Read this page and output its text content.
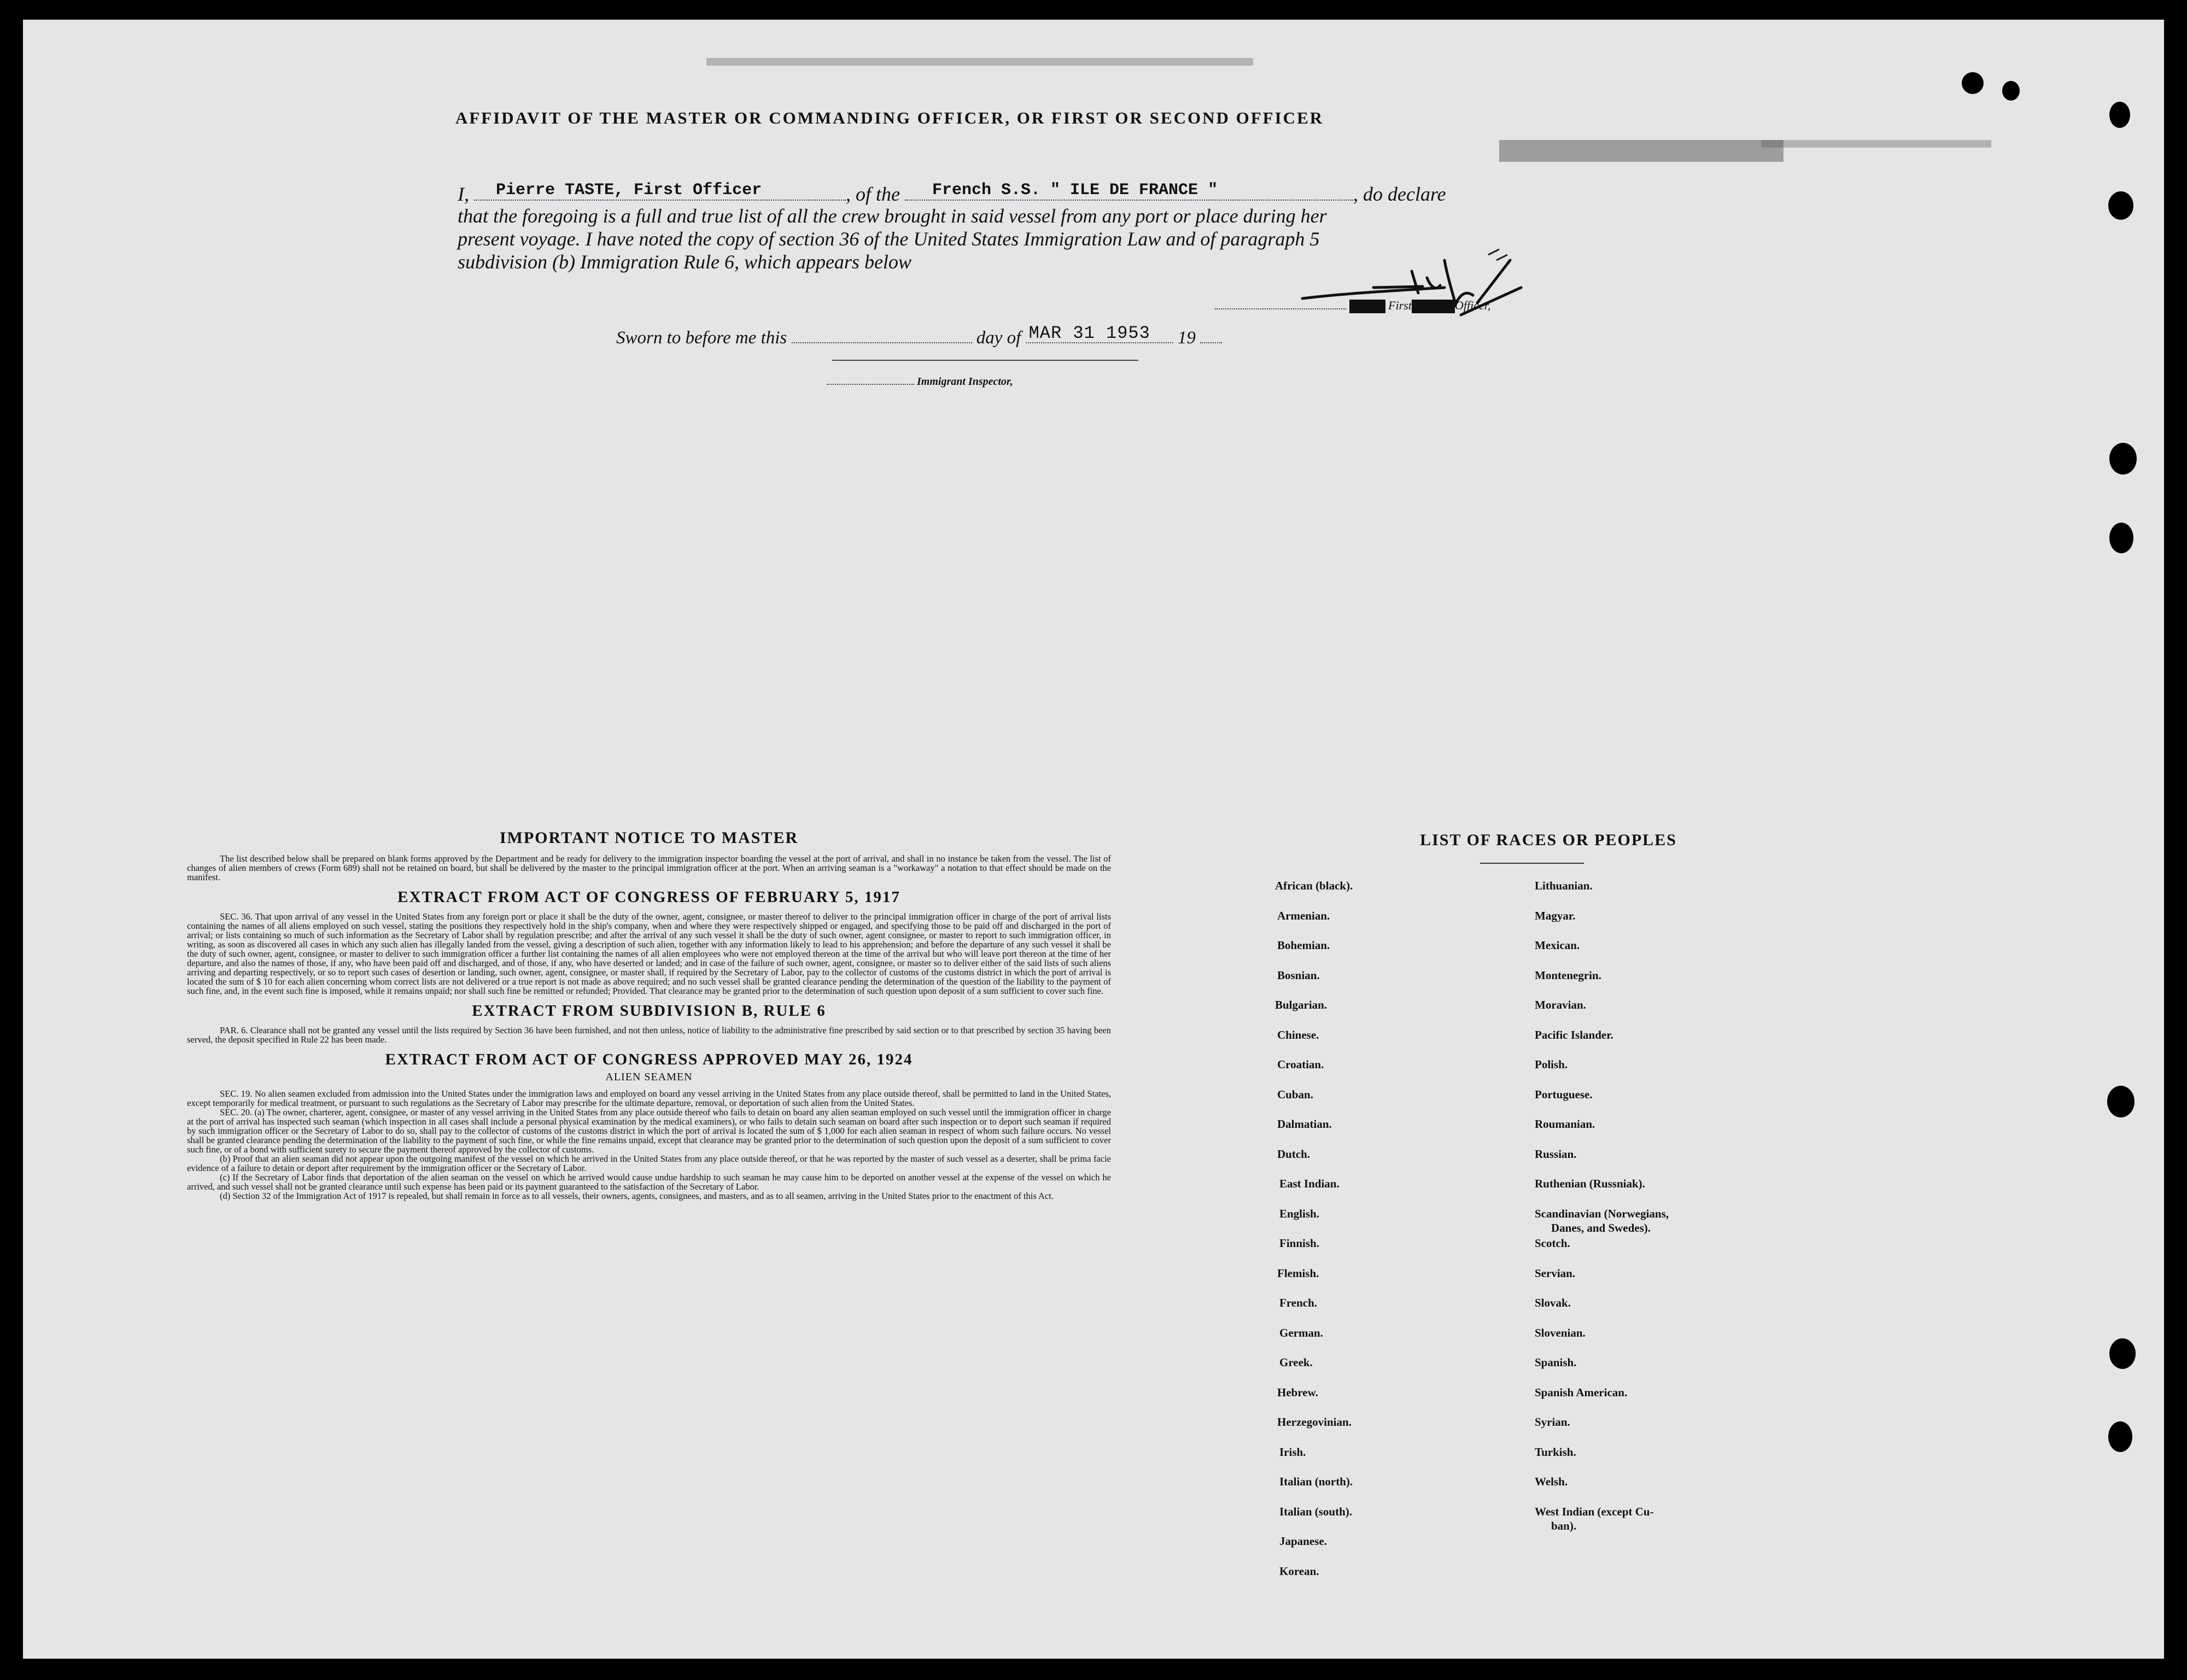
AFFIDAVIT OF THE MASTER OR COMMANDING OFFICER, OR FIRST OR SECOND OFFICER
I, Pierre TASTE, First Officer	, of the French S.S. " ILE DE FRANCE "	, do declare
that the foregoing is a full and true list of all the crew brought in said vessel from any port or place during her
present voyage. I have noted the copy of section 36 of the United States Immigration Law and of paragraph 5
subdivision (b) Immigration Rule 6, which appears below
MASTR FirstSECONDOfficer,
Sworn to before me this	day of MAR 31 1953 19
Immigrant Inspector,
IMPORTANT NOTICE TO MASTER

The list described below shall be prepared on blank forms approved by the Department and be ready for delivery to the immigration inspector boarding the vessel at the port of arrival, and shall in no instance be taken from the vessel. The list of changes of alien members of crews (Form 689) shall not be retained on board, but shall be delivered by the master to the principal immigration officer at the port. When an arriving seaman is a "workaway" a notation to that effect should be made on the manifest.

EXTRACT FROM ACT OF CONGRESS OF FEBRUARY 5, 1917

SEC. 36. That upon arrival of any vessel in the United States from any foreign port or place it shall be the duty of the owner, agent, consignee, or master thereof to deliver to the principal immigration officer in charge of the port of arrival lists containing the names of all aliens employed on such vessel, stating the positions they respectively hold in the ship's company, when and where they were respectively shipped or engaged, and specifying those to be paid off and discharged in the port of arrival; or lists containing so much of such information as the Secretary of Labor shall by regulation prescribe; and after the arrival of any such vessel it shall be the duty of such owner, agent consignee, or master to report to such immigration officer, in writing, as soon as discovered all cases in which any such alien has illegally landed from the vessel, giving a description of such alien, together with any information likely to lead to his apprehension; and before the departure of any such vessel it shall be the duty of such owner, agent, consignee, or master to deliver to such immigration officer a further list containing the names of all alien employees who were not employed thereon at the time of the arrival but who will leave port thereon at the time of her departure, and also the names of those, if any, who have been paid off and discharged, and of those, if any, who have deserted or landed; and in case of the failure of such owner, agent, consignee, or master so to deliver either of the said lists of such aliens arriving and departing respectively, or so to report such cases of desertion or landing, such owner, agent, consignee, or master shall, if required by the Secretary of Labor, pay to the collector of customs of the customs district in which the port of arrival is located the sum of $ 10 for each alien concerning whom correct lists are not delivered or a true report is not made as above required; and no such vessel shall be granted clearance pending the determination of the question of the liability to the payment of such fine, and, in the event such fine is imposed, while it remains unpaid; nor shall such fine be remitted or refunded; Provided. That clearance may be granted prior to the determination of such question upon deposit of a sum sufficient to cover such fine.

EXTRACT FROM SUBDIVISION B, RULE 6

PAR. 6. Clearance shall not be granted any vessel until the lists required by Section 36 have been furnished, and not then unless, notice of liability to the administrative fine prescribed by said section or to that prescribed by section 35 having been served, the deposit specified in Rule 22 has been made.

EXTRACT FROM ACT OF CONGRESS APPROVED MAY 26, 1924
ALIEN SEAMEN

SEC. 19. No alien seamen excluded from admission into the United States under the immigration laws and employed on board any vessel arriving in the United States from any place outside thereof, shall be permitted to land in the United States, except temporarily for medical treatment, or pursuant to such regulations as the Secretary of Labor may prescribe for the ultimate departure, removal, or deportation of such alien from the United States.

SEC. 20. (a) The owner, charterer, agent, consignee, or master of any vessel arriving in the United States from any place outside thereof who fails to detain on board any alien seaman employed on such vessel until the immigration officer in charge at the port of arrival has inspected such seaman (which inspection in all cases shall include a personal physical examination by the medical examiners), or who fails to detain such seaman on board after such inspection or to deport such seaman if required by such immigration officer or the Secretary of Labor to do so, shall pay to the collector of customs of the customs district in which the port of arrival is located the sum of $ 1,000 for each alien seaman in respect of whom such failure occurs. No vessel shall be granted clearance pending the determination of the liability to the payment of such fine, or while the fine remains unpaid, except that clearance may be granted prior to the determination of such question upon the deposit of a sum sufficient to cover such fine, or of a bond with sufficient surety to secure the payment thereof approved by the collector of customs.

(b) Proof that an alien seaman did not appear upon the outgoing manifest of the vessel on which he arrived in the United States from any place outside thereof, or that he was reported by the master of such vessel as a deserter, shall be prima facie evidence of a failure to detain or deport after requirement by the immigration officer or the Secretary of Labor.

(c) If the Secretary of Labor finds that deportation of the alien seaman on the vessel on which he arrived would cause undue hardship to such seaman he may cause him to be deported on another vessel at the expense of the vessel on which he arrived, and such vessel shall not be granted clearance until such expense has been paid or its payment guaranteed to the satisfaction of the Secretary of Labor.

(d) Section 32 of the Immigration Act of 1917 is repealed, but shall remain in force as to all vessels, their owners, agents, consignees, and masters, and as to all seamen, arriving in the United States prior to the enactment of this Act.

LIST OF RACES OR PEOPLES
African (black).
Armenian.
Bohemian.
Bosnian.
Bulgarian.
Chinese.
Croatian.
Cuban.
Dalmatian.
Dutch.
East Indian.
English.
Finnish.
Flemish.
French.
German.
Greek.
Hebrew.
Herzegovinian.
Irish.
Italian (north).
Italian (south).
Japanese.
Korean.
Lithuanian.
Magyar.
Mexican.
Montenegrin.
Moravian.
Pacific Islander.
Polish.
Portuguese.
Roumanian.
Russian.
Ruthenian (Russniak).
Scandinavian (Norwegians,
Danes, and Swedes).
Scotch.
Servian.
Slovak.
Slovenian.
Spanish.
Spanish American.
Syrian.
Turkish.
Welsh.
West Indian (except Cu-
ban).
